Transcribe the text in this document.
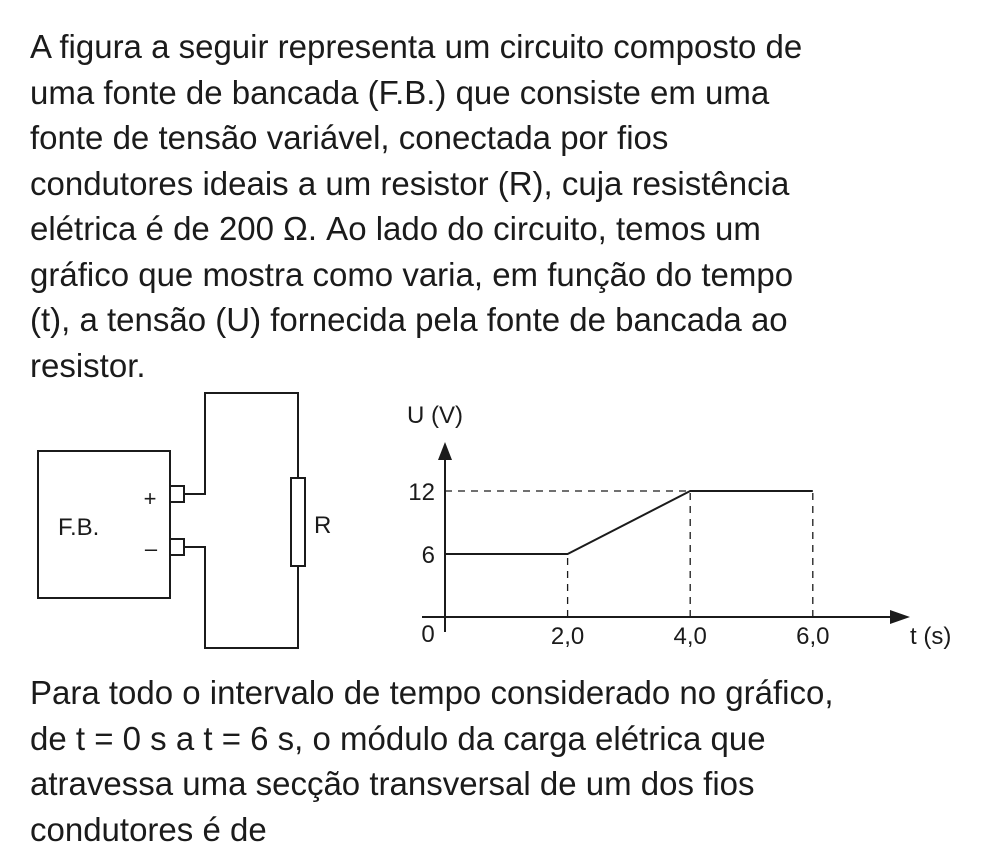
A figura a seguir representa um circuito composto de
uma fonte de bancada (F.B.) que consiste em uma
fonte de tensão variável, conectada por fios
condutores ideais a um resistor (R), cuja resistência
elétrica é de 200 Ω. Ao lado do circuito, temos um
gráfico que mostra como varia, em função do tempo
(t), a tensão (U) fornecida pela fonte de bancada ao
resistor.
F.B.
+
–
R
2,0	4,0	6,0
6
12
U (V)
t (s)
0
Para todo o intervalo de tempo considerado no gráfico,
de t = 0 s a t = 6 s, o módulo da carga elétrica que
atravessa uma secção transversal de um dos fios
condutores é de
